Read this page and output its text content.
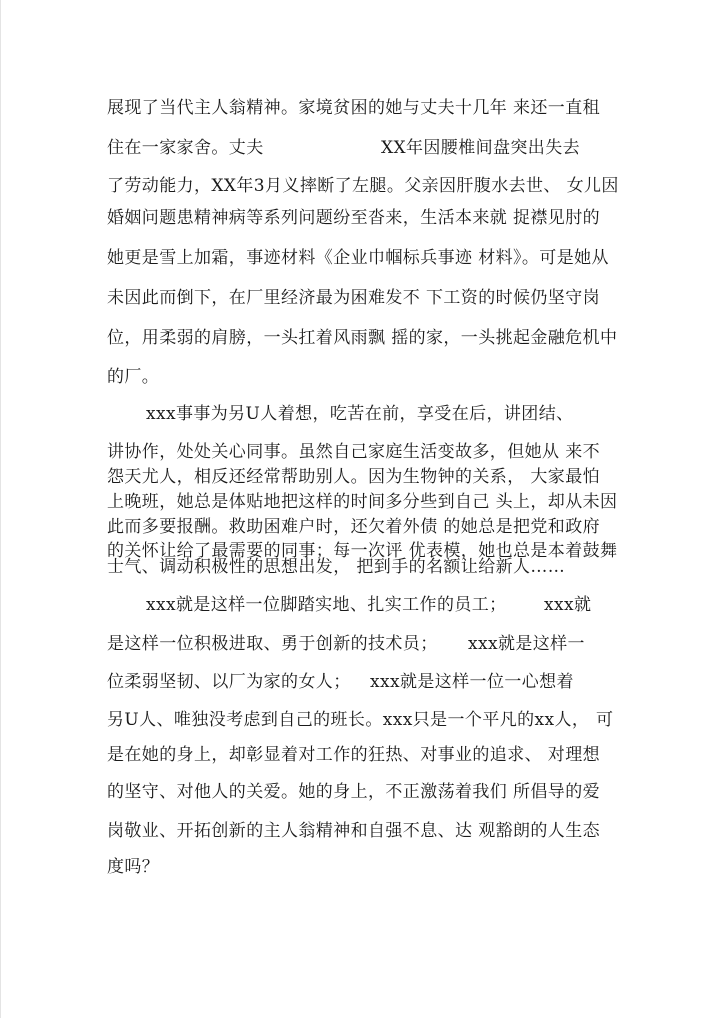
展现了当代主人翁精神。家境贫困的她与丈夫十几年 来还一直租
住在一家家舍。丈夫	XX年因腰椎间盘突出失去
了劳动能力，XX年3月义摔断了左腿。父亲因肝腹水去世、 女儿因
婚姻问题患精神病等系列问题纷至沓来，生活本来就 捉襟见肘的
她更是雪上加霜，事迹材料《企业巾帼标兵事迹 材料》。可是她从
未因此而倒下，在厂里经济最为困难发不 下工资的时候仍坚守岗
位，用柔弱的肩膀，一头扛着风雨飘 摇的家，一头挑起金融危机中
的厂。
xxx事事为另U人着想，吃苦在前，享受在后，讲团结、
讲协作，处处关心同事。虽然自己家庭生活变故多，但她从 来不
怨天尤人，相反还经常帮助别人。因为生物钟的关系， 大家最怕
上晚班，她总是体贴地把这样的时间多分些到自己 头上，却从未因
此而多要报酬。救助困难户时，还欠着外债 的她总是把党和政府
的关怀让给了最需要的同事；每一次评 优表模，她也总是本着鼓舞
士气、调动积极性的思想出发， 把到手的名额让给新人……
xxx就是这样一位脚踏实地、扎实工作的员工； xxx就
是这样一位积极进取、勇于创新的技术员； xxx就是这样一
位柔弱坚韧、以厂为家的女人； xxx就是这样一位一心想着
另U人、唯独没考虑到自己的班长。xxx只是一个平凡的xx人， 可
是在她的身上，却彰显着对工作的狂热、对事业的追求、 对理想
的坚守、对他人的关爱。她的身上，不正激荡着我们 所倡导的爱
岗敬业、开拓创新的主人翁精神和自强不息、达 观豁朗的人生态
度吗？
